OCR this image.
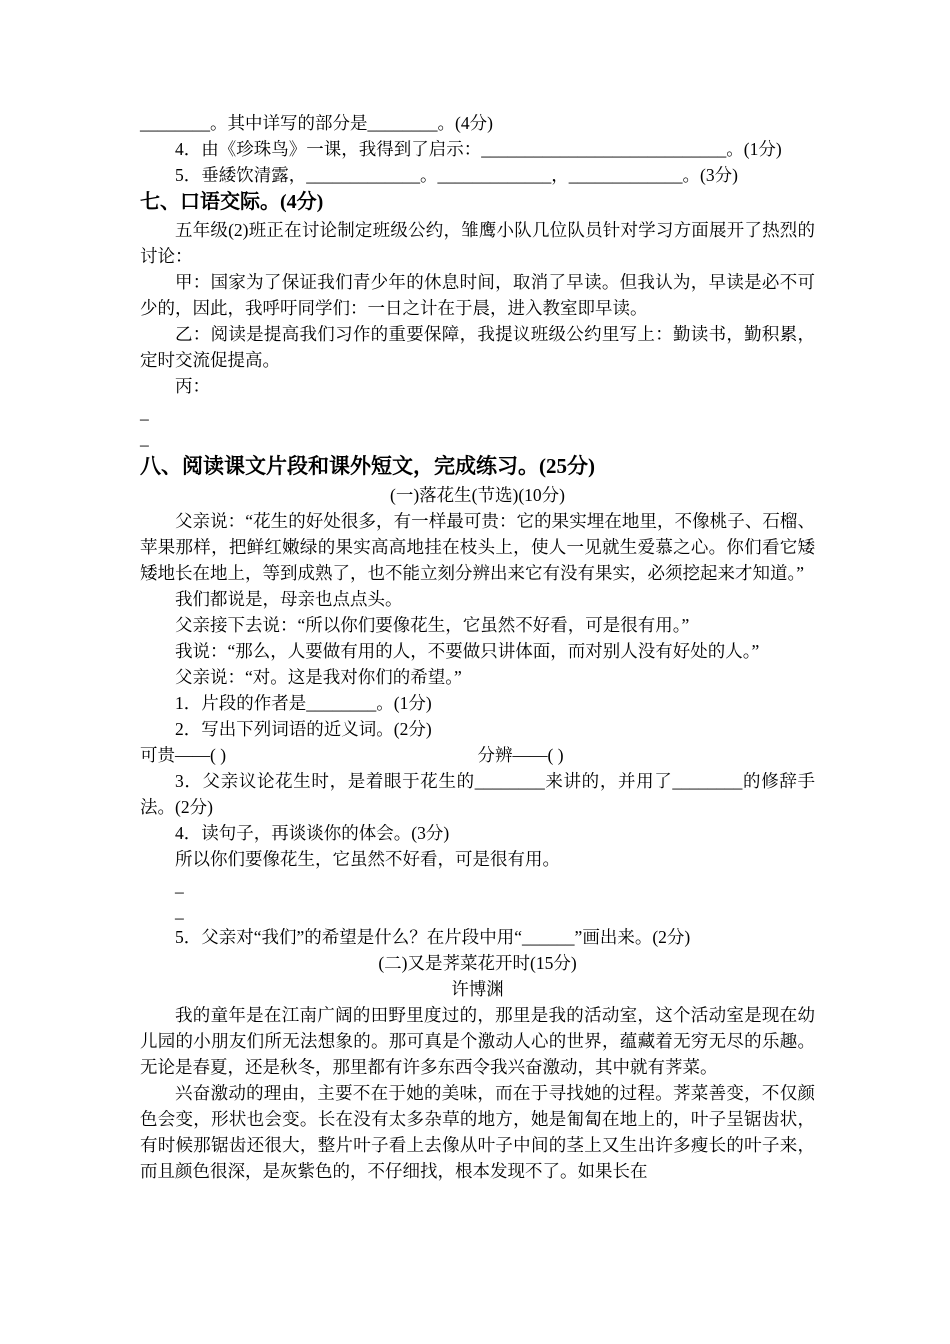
________。其中详写的部分是________。(4分)

4．由《珍珠鸟》一课，我得到了启示：____________________________。(1分)

5．垂緌饮清露，_____________。_____________，_____________。(3分)

七、口语交际。(4分)

五年级(2)班正在讨论制定班级公约，雏鹰小队几位队员针对学习方面展开了热烈的讨论：

甲：国家为了保证我们青少年的休息时间，取消了早读。但我认为，早读是必不可少的，因此，我呼吁同学们：一日之计在于晨，进入教室即早读。

乙：阅读是提高我们习作的重要保障，我提议班级公约里写上：勤读书，勤积累，定时交流促提高。

丙：

_

_

八、阅读课文片段和课外短文，完成练习。(25分)

(一)落花生(节选)(10分)

父亲说：“花生的好处很多，有一样最可贵：它的果实埋在地里，不像桃子、石榴、苹果那样，把鲜红嫩绿的果实高高地挂在枝头上，使人一见就生爱慕之心。你们看它矮矮地长在地上，等到成熟了，也不能立刻分辨出来它有没有果实，必须挖起来才知道。”

我们都说是，母亲也点点头。

父亲接下去说：“所以你们要像花生，它虽然不好看，可是很有用。”

我说：“那么，人要做有用的人，不要做只讲体面，而对别人没有好处的人。”

父亲说：“对。这是我对你们的希望。”

1．片段的作者是________。(1分)

2．写出下列词语的近义词。(2分)

可贵——( )	分辨——( )

3．父亲议论花生时，是着眼于花生的________来讲的，并用了________的修辞手法。(2分)

4．读句子，再谈谈你的体会。(3分)

所以你们要像花生，它虽然不好看，可是很有用。

_

_

5．父亲对“我们”的希望是什么？在片段中用“______”画出来。(2分)

(二)又是荠菜花开时(15分)

许博渊

我的童年是在江南广阔的田野里度过的，那里是我的活动室，这个活动室是现在幼儿园的小朋友们所无法想象的。那可真是个激动人心的世界，蕴藏着无穷无尽的乐趣。无论是春夏，还是秋冬，那里都有许多东西令我兴奋激动，其中就有荠菜。

兴奋激动的理由，主要不在于她的美味，而在于寻找她的过程。荠菜善变，不仅颜色会变，形状也会变。长在没有太多杂草的地方，她是匍匐在地上的，叶子呈锯齿状，有时候那锯齿还很大，整片叶子看上去像从叶子中间的茎上又生出许多瘦长的叶子来，而且颜色很深，是灰紫色的，不仔细找，根本发现不了。如果长在
